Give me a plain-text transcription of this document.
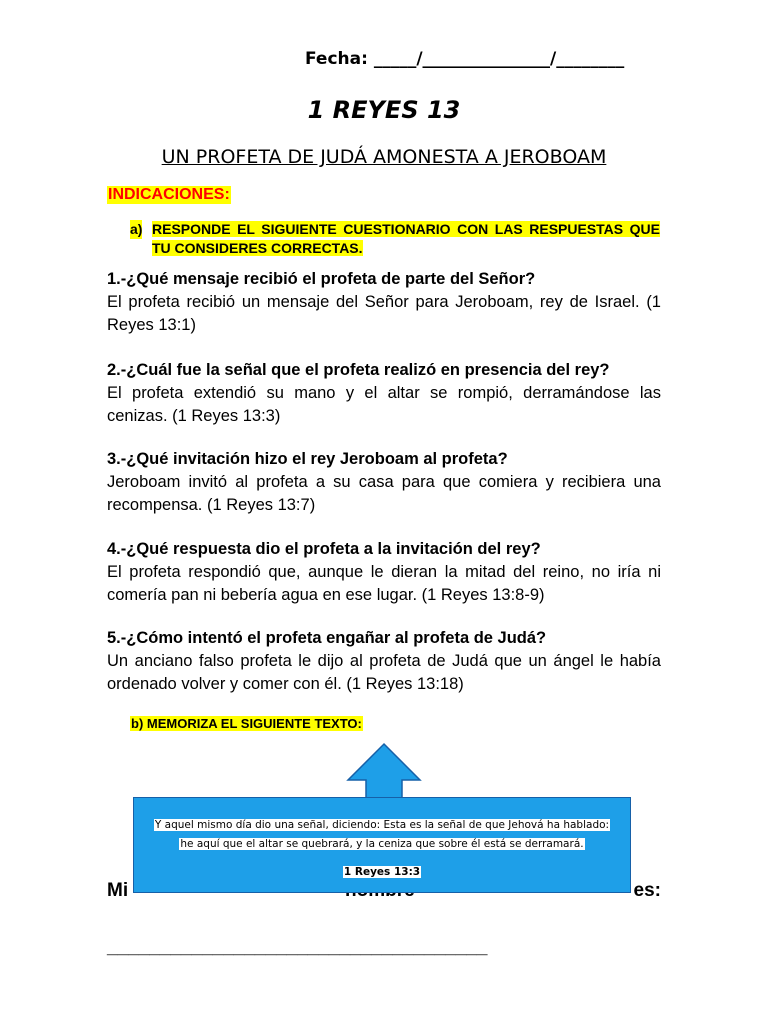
Fecha: _____/_______________/________
1 REYES 13
UN PROFETA DE JUDÁ AMONESTA A JEROBOAM
INDICACIONES:
a) RESPONDE EL SIGUIENTE CUESTIONARIO CON LAS RESPUESTAS QUE TU CONSIDERES CORRECTAS.
1.-¿Qué mensaje recibió el profeta de parte del Señor?
El profeta recibió un mensaje del Señor para Jeroboam, rey de Israel. (1 Reyes 13:1)
2.-¿Cuál fue la señal que el profeta realizó en presencia del rey?
El profeta extendió su mano y el altar se rompió, derramándose las cenizas. (1 Reyes 13:3)
3.-¿Qué invitación hizo el rey Jeroboam al profeta?
Jeroboam invitó al profeta a su casa para que comiera y recibiera una recompensa. (1 Reyes 13:7)
4.-¿Qué respuesta dio el profeta a la invitación del rey?
El profeta respondió que, aunque le dieran la mitad del reino, no iría ni comería pan ni bebería agua en ese lugar. (1 Reyes 13:8-9)
5.-¿Cómo intentó el profeta engañar al profeta de Judá?
Un anciano falso profeta le dijo al profeta de Judá que un ángel le había ordenado volver y comer con él. (1 Reyes 13:18)
b) MEMORIZA EL SIGUIENTE TEXTO:
Mi	es:
____________________________________
Y aquel mismo día dio una señal, diciendo: Esta es la señal de que Jehová ha hablado:
he aquí que el altar se quebrará, y la ceniza que sobre él está se derramará.
1 Reyes 13:3
